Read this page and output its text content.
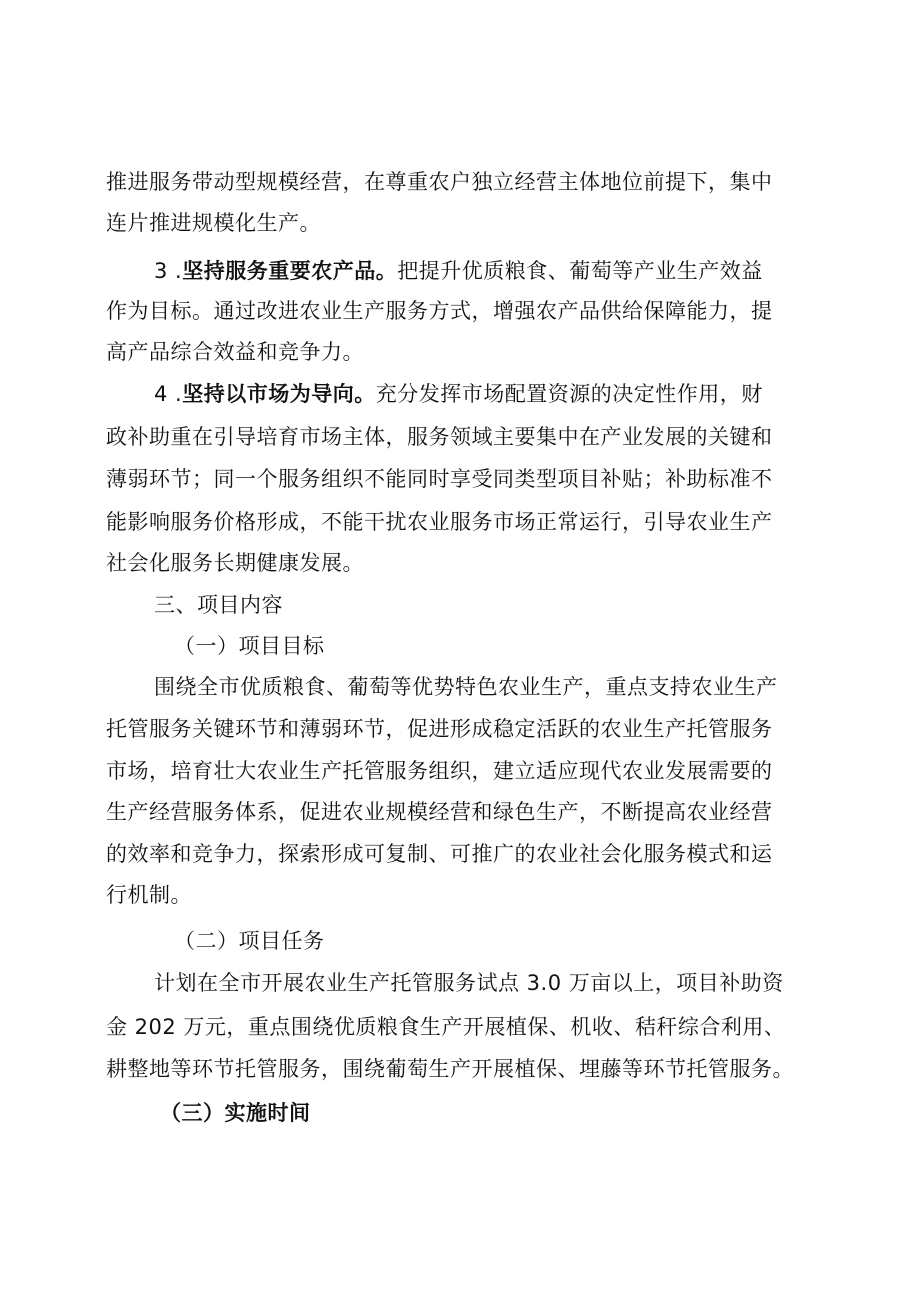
推进服务带动型规模经营，在尊重农户独立经营主体地位前提下，集中
连片推进规模化生产。
3 .坚持服务重要农产品。把提升优质粮食、葡萄等产业生产效益
作为目标。通过改进农业生产服务方式，增强农产品供给保障能力，提
高产品综合效益和竞争力。
4 .坚持以市场为导向。充分发挥市场配置资源的决定性作用，财
政补助重在引导培育市场主体，服务领域主要集中在产业发展的关键和
薄弱环节；同一个服务组织不能同时享受同类型项目补贴；补助标准不
能影响服务价格形成，不能干扰农业服务市场正常运行，引导农业生产
社会化服务长期健康发展。
三、项目内容
（一）项目目标
围绕全市优质粮食、葡萄等优势特色农业生产，重点支持农业生产
托管服务关键环节和薄弱环节，促进形成稳定活跃的农业生产托管服务
市场，培育壮大农业生产托管服务组织，建立适应现代农业发展需要的
生产经营服务体系，促进农业规模经营和绿色生产，不断提高农业经营
的效率和竞争力，探索形成可复制、可推广的农业社会化服务模式和运
行机制。
（二）项目任务
计划在全市开展农业生产托管服务试点 3.0 万亩以上，项目补助资
金 202 万元，重点围绕优质粮食生产开展植保、机收、秸秆综合利用、
耕整地等环节托管服务，围绕葡萄生产开展植保、埋藤等环节托管服务。
（三）实施时间
